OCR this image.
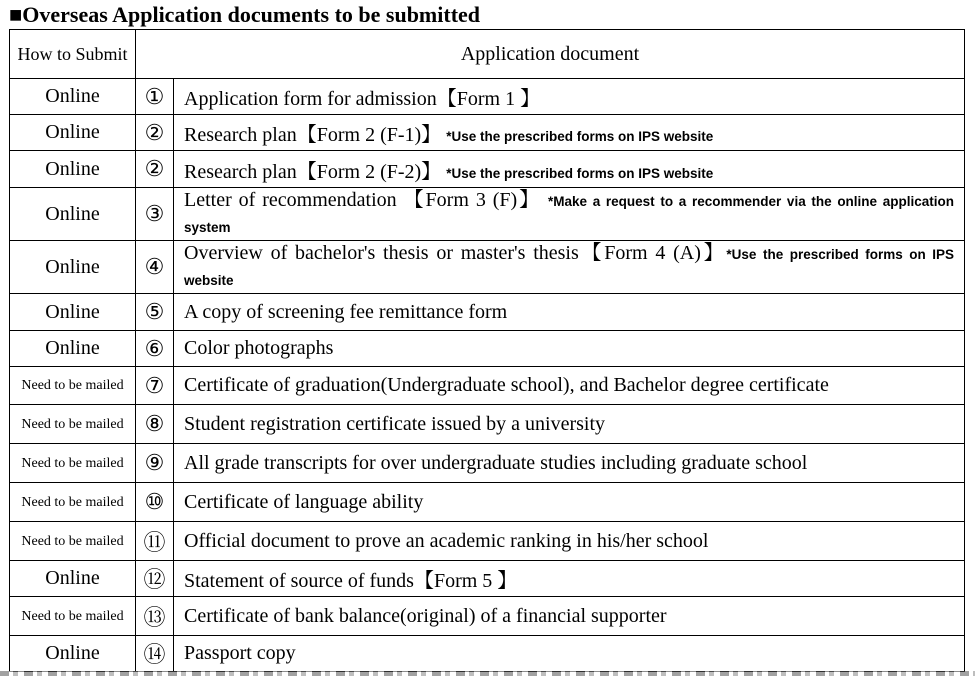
■Overseas Application documents to be submitted
How to Submit	Application document	
Online	①	Application form for admission【Form 1 】
Online	②	Research plan【Form 2 (F-1)】 *Use the prescribed forms on IPS website
Online	②	Research plan【Form 2 (F-2)】 *Use the prescribed forms on IPS website
Online	③	Letter of recommendation 【Form 3 (F)】 *Make a request to a recommender via the online application system
Online	④	Overview of bachelor's thesis or master's thesis【Form 4 (A)】*Use the prescribed forms on IPS website
Online	⑤	A copy of screening fee remittance form
Online	⑥	Color photographs
Need to be mailed	⑦	Certificate of graduation(Undergraduate school), and Bachelor degree certificate
Need to be mailed	⑧	Student registration certificate issued by a university
Need to be mailed	⑨	All grade transcripts for over undergraduate studies including graduate school
Need to be mailed	⑩	Certificate of language ability
Need to be mailed	⑪	Official document to prove an academic ranking in his/her school
Online	⑫	Statement of source of funds【Form 5 】
Need to be mailed	⑬	Certificate of bank balance(original) of a financial supporter
Online	⑭	Passport copy
